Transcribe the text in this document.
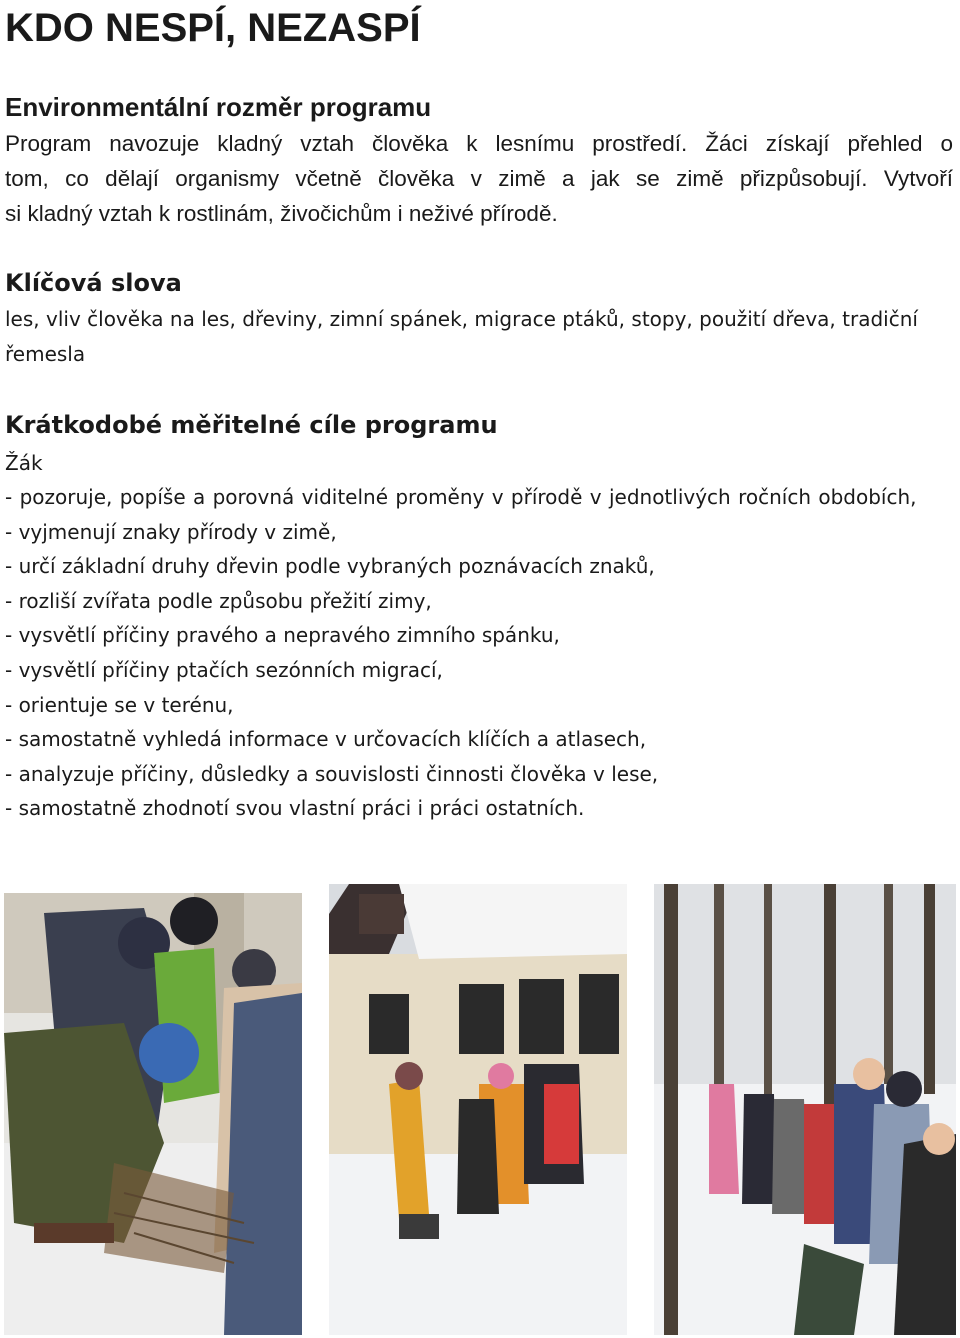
KDO NESPÍ, NEZASPÍ
Environmentální rozměr programu
Program navozuje kladný vztah člověka k lesnímu prostředí. Žáci získají přehled o
tom, co dělají organismy včetně člověka v zimě a jak se zimě přizpůsobují. Vytvoří
si kladný vztah k rostlinám, živočichům i neživé přírodě.
Klíčová slova

les, vliv člověka na les, dřeviny, zimní spánek, migrace ptáků, stopy, použití dřeva, tradiční řemesla

Krátkodobé měřitelné cíle programu

Žák

- pozoruje, popíše a porovná viditelné proměny v přírodě v jednotlivých ročních obdobích,
- vyjmenují znaky přírody v zimě,
- určí základní druhy dřevin podle vybraných poznávacích znaků,
- rozliší zvířata podle způsobu přežití zimy,
- vysvětlí příčiny pravého a nepravého zimního spánku,
- vysvětlí příčiny ptačích sezónních migrací,
- orientuje se v terénu,
- samostatně vyhledá informace v určovacích klíčích a atlasech,
- analyzuje příčiny, důsledky a souvislosti činnosti člověka v lese,
- samostatně zhodnotí svou vlastní práci i práci ostatních.
